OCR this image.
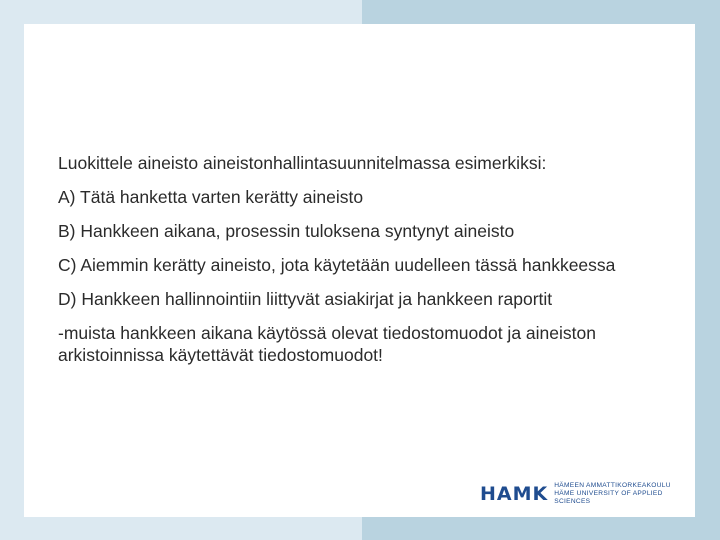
Luokittele aineisto aineistonhallintasuunnitelmassa esimerkiksi:

A) Tätä hanketta varten kerätty aineisto

B) Hankkeen aikana, prosessin tuloksena syntynyt aineisto

C) Aiemmin kerätty aineisto, jota käytetään uudelleen tässä hankkeessa

D) Hankkeen hallinnointiin liittyvät asiakirjat ja hankkeen raportit

-muista hankkeen aikana käytössä olevat tiedostomuodot ja aineiston arkistoinnissa käytettävät tiedostomuodot!

HAMK HÄMEEN AMMATTIKORKEAKOULU
HÄME UNIVERSITY OF APPLIED SCIENCES
